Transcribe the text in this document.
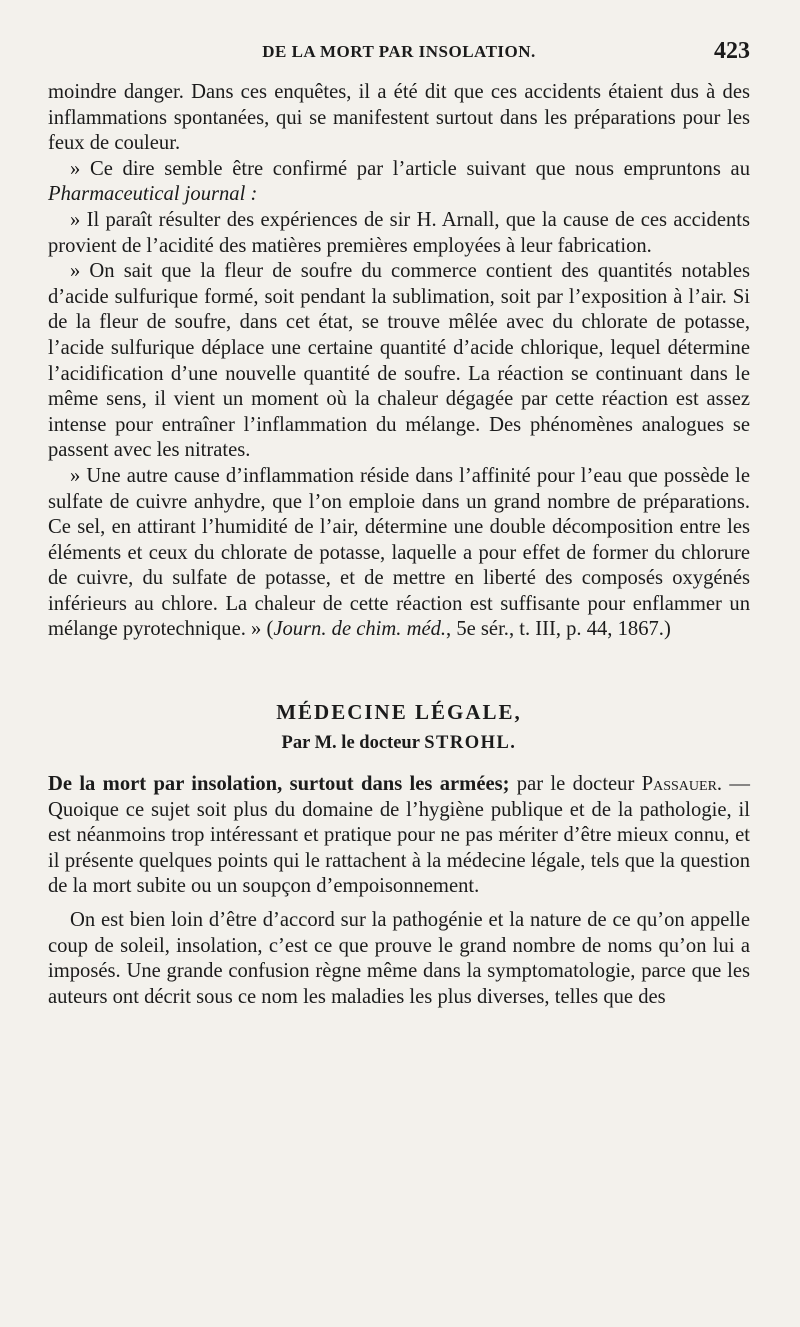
DE LA MORT PAR INSOLATION.	423

moindre danger. Dans ces enquêtes, il a été dit que ces accidents étaient dus à des inflammations spontanées, qui se manifestent surtout dans les préparations pour les feux de couleur.

» Ce dire semble être confirmé par l’article suivant que nous empruntons au Pharmaceutical journal :

» Il paraît résulter des expériences de sir H. Arnall, que la cause de ces accidents provient de l’acidité des matières premières employées à leur fabrication.

» On sait que la fleur de soufre du commerce contient des quantités notables d’acide sulfurique formé, soit pendant la sublimation, soit par l’exposition à l’air. Si de la fleur de soufre, dans cet état, se trouve mêlée avec du chlorate de potasse, l’acide sulfurique déplace une certaine quantité d’acide chlorique, lequel détermine l’acidification d’une nouvelle quantité de soufre. La réaction se continuant dans le même sens, il vient un moment où la chaleur dégagée par cette réaction est assez intense pour entraîner l’inflammation du mélange. Des phénomènes analogues se passent avec les nitrates.

» Une autre cause d’inflammation réside dans l’affinité pour l’eau que possède le sulfate de cuivre anhydre, que l’on emploie dans un grand nombre de préparations. Ce sel, en attirant l’humidité de l’air, détermine une double décomposition entre les éléments et ceux du chlorate de potasse, laquelle a pour effet de former du chlorure de cuivre, du sulfate de potasse, et de mettre en liberté des composés oxygénés inférieurs au chlore. La chaleur de cette réaction est suffisante pour enflammer un mélange pyrotechnique. » (Journ. de chim. méd., 5e sér., t. III, p. 44, 1867.)

MÉDECINE LÉGALE,
Par M. le docteur STROHL.

De la mort par insolation, surtout dans les armées; par le docteur Passauer. — Quoique ce sujet soit plus du domaine de l’hygiène publique et de la pathologie, il est néanmoins trop intéressant et pratique pour ne pas mériter d’être mieux connu, et il présente quelques points qui le rattachent à la médecine légale, tels que la question de la mort subite ou un soupçon d’empoisonnement.

On est bien loin d’être d’accord sur la pathogénie et la nature de ce qu’on appelle coup de soleil, insolation, c’est ce que prouve le grand nombre de noms qu’on lui a imposés. Une grande confusion règne même dans la symptomatologie, parce que les auteurs ont décrit sous ce nom les maladies les plus diverses, telles que des
